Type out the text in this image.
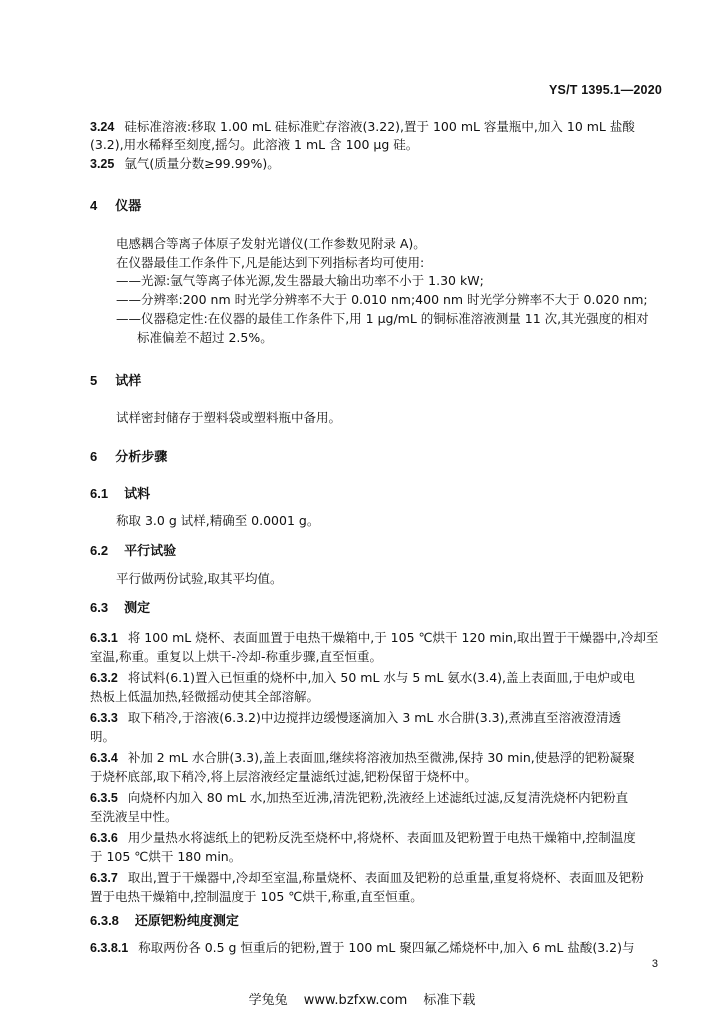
YS/T 1395.1—2020
3.24 硅标准溶液:移取 1.00 mL 硅标准贮存溶液(3.22),置于 100 mL 容量瓶中,加入 10 mL 盐酸
(3.2),用水稀释至刻度,摇匀。此溶液 1 mL 含 100 μg 硅。
3.25 氩气(质量分数≥99.99%)。
4 仪器
电感耦合等离子体原子发射光谱仪(工作参数见附录 A)。
在仪器最佳工作条件下,凡是能达到下列指标者均可使用:
——光源:氩气等离子体光源,发生器最大输出功率不小于 1.30 kW;
——分辨率:200 nm 时光学分辨率不大于 0.010 nm;400 nm 时光学分辨率不大于 0.020 nm;
——仪器稳定性:在仪器的最佳工作条件下,用 1 μg/mL 的铜标准溶液测量 11 次,其光强度的相对
标准偏差不超过 2.5%。
5 试样
试样密封储存于塑料袋或塑料瓶中备用。
6 分析步骤
6.1 试料
称取 3.0 g 试样,精确至 0.0001 g。
6.2 平行试验
平行做两份试验,取其平均值。
6.3 测定
6.3.1 将 100 mL 烧杯、表面皿置于电热干燥箱中,于 105 ℃烘干 120 min,取出置于干燥器中,冷却至
室温,称重。重复以上烘干-冷却-称重步骤,直至恒重。
6.3.2 将试料(6.1)置入已恒重的烧杯中,加入 50 mL 水与 5 mL 氨水(3.4),盖上表面皿,于电炉或电
热板上低温加热,轻微摇动使其全部溶解。
6.3.3 取下稍冷,于溶液(6.3.2)中边搅拌边缓慢逐滴加入 3 mL 水合肼(3.3),煮沸直至溶液澄清透
明。
6.3.4 补加 2 mL 水合肼(3.3),盖上表面皿,继续将溶液加热至微沸,保持 30 min,使悬浮的钯粉凝聚
于烧杯底部,取下稍冷,将上层溶液经定量滤纸过滤,钯粉保留于烧杯中。
6.3.5 向烧杯内加入 80 mL 水,加热至近沸,清洗钯粉,洗液经上述滤纸过滤,反复清洗烧杯内钯粉直
至洗液呈中性。
6.3.6 用少量热水将滤纸上的钯粉反洗至烧杯中,将烧杯、表面皿及钯粉置于电热干燥箱中,控制温度
于 105 ℃烘干 180 min。
6.3.7 取出,置于干燥器中,冷却至室温,称量烧杯、表面皿及钯粉的总重量,重复将烧杯、表面皿及钯粉
置于电热干燥箱中,控制温度于 105 ℃烘干,称重,直至恒重。
6.3.8 还原钯粉纯度测定
6.3.8.1 称取两份各 0.5 g 恒重后的钯粉,置于 100 mL 聚四氟乙烯烧杯中,加入 6 mL 盐酸(3.2)与
3
学兔兔 www.bzfxw.com 标准下载
